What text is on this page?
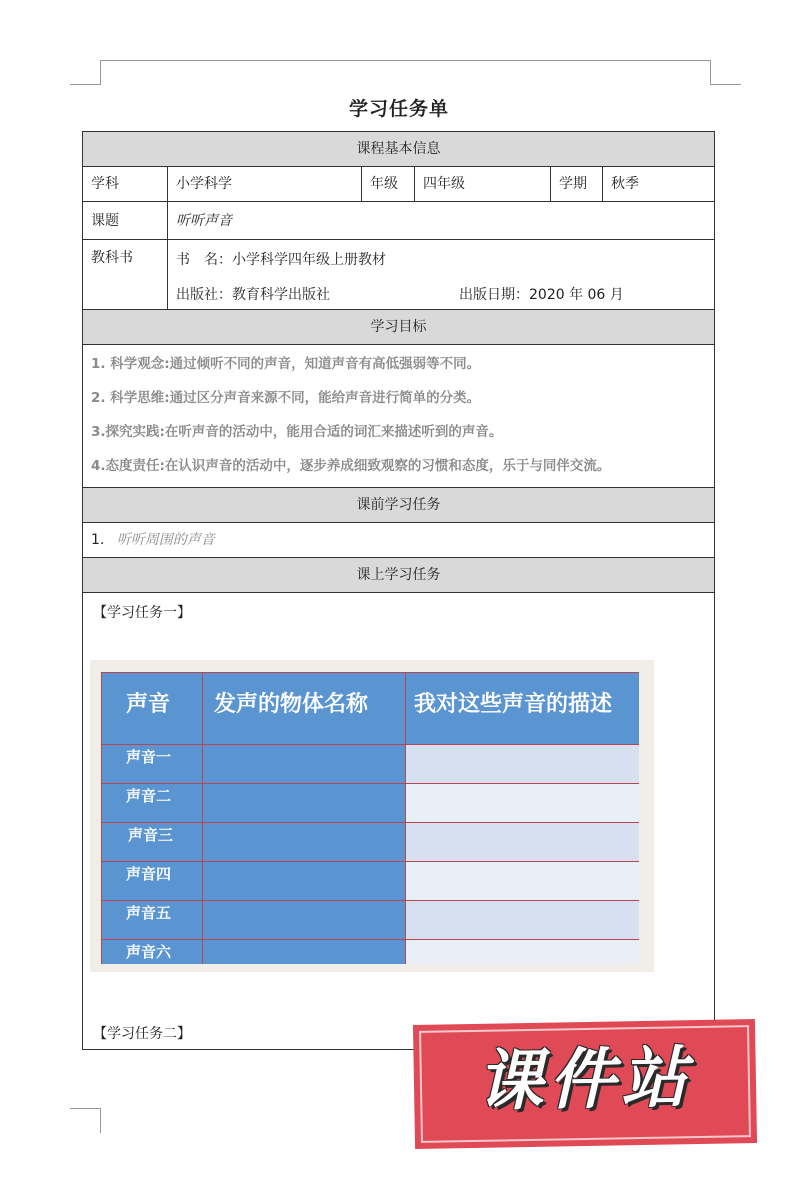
学习任务单
课程基本信息
学科	小学科学	年级	四年级	学期	秋季
课题	听听声音
教科书	书　名：小学科学四年级上册教材
出版社：教育科学出版社	出版日期：2020 年 06 月
学习目标
1. 科学观念:通过倾听不同的声音，知道声音有高低强弱等不同。
2. 科学思维:通过区分声音来源不同，能给声音进行简单的分类。
3.探究实践:在听声音的活动中，能用合适的词汇来描述听到的声音。
4.态度责任:在认识声音的活动中，逐步养成细致观察的习惯和态度，乐于与同伴交流。
课前学习任务
1. 听听周围的声音
课上学习任务
【学习任务一】
【学习任务二】
声音 发声的物体名称 我对这些声音的描述
声音一
声音二
声音三
声音四
声音五
声音六
课件站
